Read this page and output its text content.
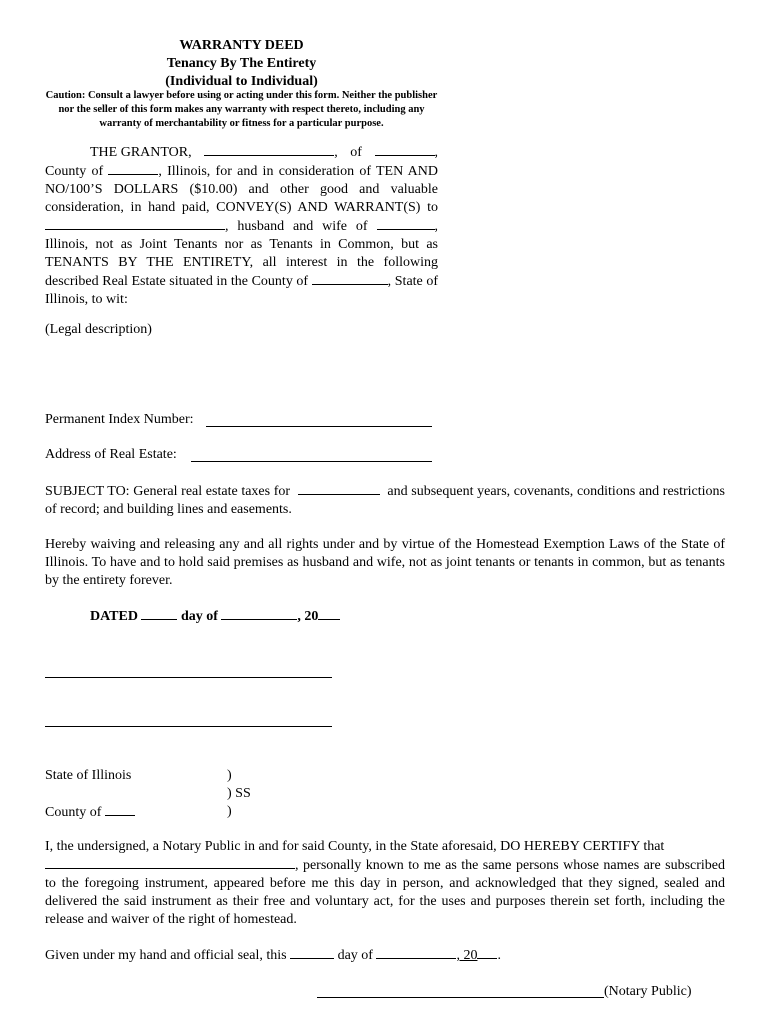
WARRANTY DEED
Tenancy By The Entirety
(Individual to Individual)
Caution: Consult a lawyer before using or acting under this form. Neither the publisher nor the seller of this form makes any warranty with respect thereto, including any warranty of merchantability or fitness for a particular purpose.
THE GRANTOR,	, of	, County of	, Illinois, for and in consideration of TEN AND NO/100’S DOLLARS ($10.00) and other good and valuable consideration, in hand paid, CONVEY(S) AND WARRANT(S) to , husband and wife of	, Illinois, not as Joint Tenants nor as Tenants in Common, but as TENANTS BY THE ENTIRETY, all interest in the following described Real Estate situated in the County of	, State of Illinois, to wit:
(Legal description)
Permanent Index Number:
Address of Real Estate:
SUBJECT TO: General real estate taxes for	and subsequent years, covenants, conditions and restrictions of record; and building lines and easements.
Hereby waiving and releasing any and all rights under and by virtue of the Homestead Exemption Laws of the State of Illinois. To have and to hold said premises as husband and wife, not as joint tenants or tenants in common, but as tenants by the entirety forever.
DATED	day of	, 20
State of Illinois	)
) SS
County of	)
I, the undersigned, a Notary Public in and for said County, in the State aforesaid, DO HEREBY CERTIFY that
, personally known to me as the same persons whose names are subscribed to the foregoing instrument, appeared before me this day in person, and acknowledged that they signed, sealed and delivered the said instrument as their free and voluntary act, for the uses and purposes therein set forth, including the release and waiver of the right of homestead.
Given under my hand and official seal, this	day of	, 20 .
(Notary Public)
